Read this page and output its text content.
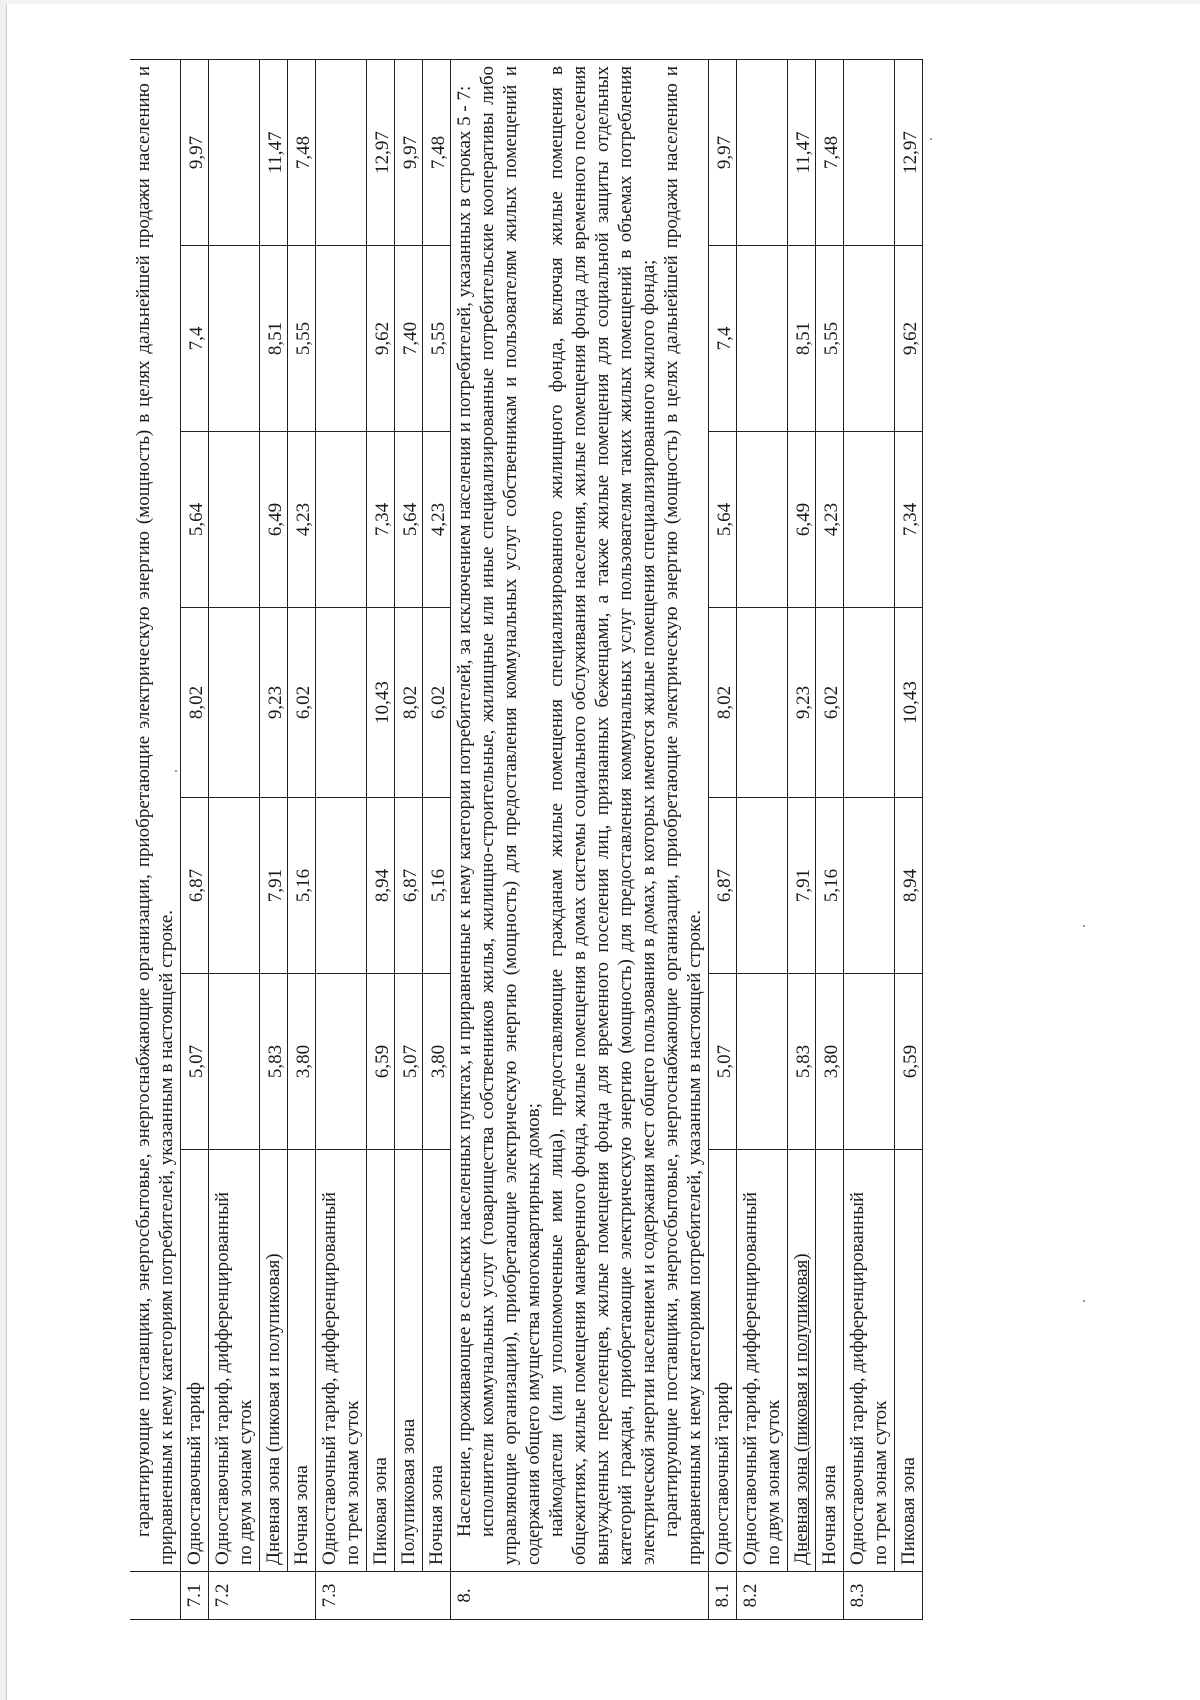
	гарантирующие поставщики, энергосбытовые, энергоснабжающие организации, приобретающие электрическую энергию (мощность) в целях дальнейшей продажи населению и приравненным к нему категориям потребителей, указанным в настоящей строке.						

7.1	Одноставочный тариф	5,07	6,87	8,02	5,64	7,4	9,97
7.2	Одноставочный тариф, дифференцированный по двум зонам суток						

	Дневная зона (пиковая и полупиковая)	5,83	7,91	9,23	6,49	8,51	11,47
	Ночная зона	3,80	5,16	6,02	4,23	5,55	7,48
7.3	Одноставочный тариф, дифференцированный по трем зонам суток						

	Пиковая зона	6,59	8,94	10,43	7,34	9,62	12,97
	Полупиковая зона	5,07	6,87	8,02	5,64	7,40	9,97
	Ночная зона	3,80	5,16	6,02	4,23	5,55	7,48
8.	Население, проживающее в сельских населенных пунктах, и приравненные к нему категории потребителей, за исключением населения и потребителей, указанных в строках 5 - 7: исполнители коммунальных услуг (товарищества собственников жилья, жилищно-строительные, жилищные или иные специализированные потребительские кооперативы либо управляющие организации), приобретающие электрическую энергию (мощность) для предоставления коммунальных услуг собственникам и пользователям жилых помещений и содержания общего имущества многоквартирных домов; наймодатели (или уполномоченные ими лица), предоставляющие гражданам жилые помещения специализированного жилищного фонда, включая жилые помещения в общежитиях, жилые помещения маневренного фонда, жилые помещения в домах системы социального обслуживания населения, жилые помещения фонда для временного поселения вынужденных переселенцев, жилые помещения фонда для временного поселения лиц, признанных беженцами, а также жилые помещения для социальной защиты отдельных категорий граждан, приобретающие электрическую энергию (мощность) для предоставления коммунальных услуг пользователям таких жилых помещений в объемах потребления электрической энергии населением и содержания мест общего пользования в домах, в которых имеются жилые помещения специализированного жилого фонда; гарантирующие поставщики, энергосбытовые, энергоснабжающие организации, приобретающие электрическую энергию (мощность) в целях дальнейшей продажи населению и приравненным к нему категориям потребителей, указанным в настоящей строке.						

8.1	Одноставочный тариф	5,07	6,87	8,02	5,64	7,4	9,97
8.2	Одноставочный тариф, дифференцированный по двум зонам суток						

	Дневная зона (пиковая и полупиковая)	5,83	7,91	9,23	6,49	8,51	11,47
	Ночная зона	3,80	5,16	6,02	4,23	5,55	7,48
8.3	Одноставочный тариф, дифференцированный по трем зонам суток						

	Пиковая зона	6,59	8,94	10,43	7,34	9,62	12,97
